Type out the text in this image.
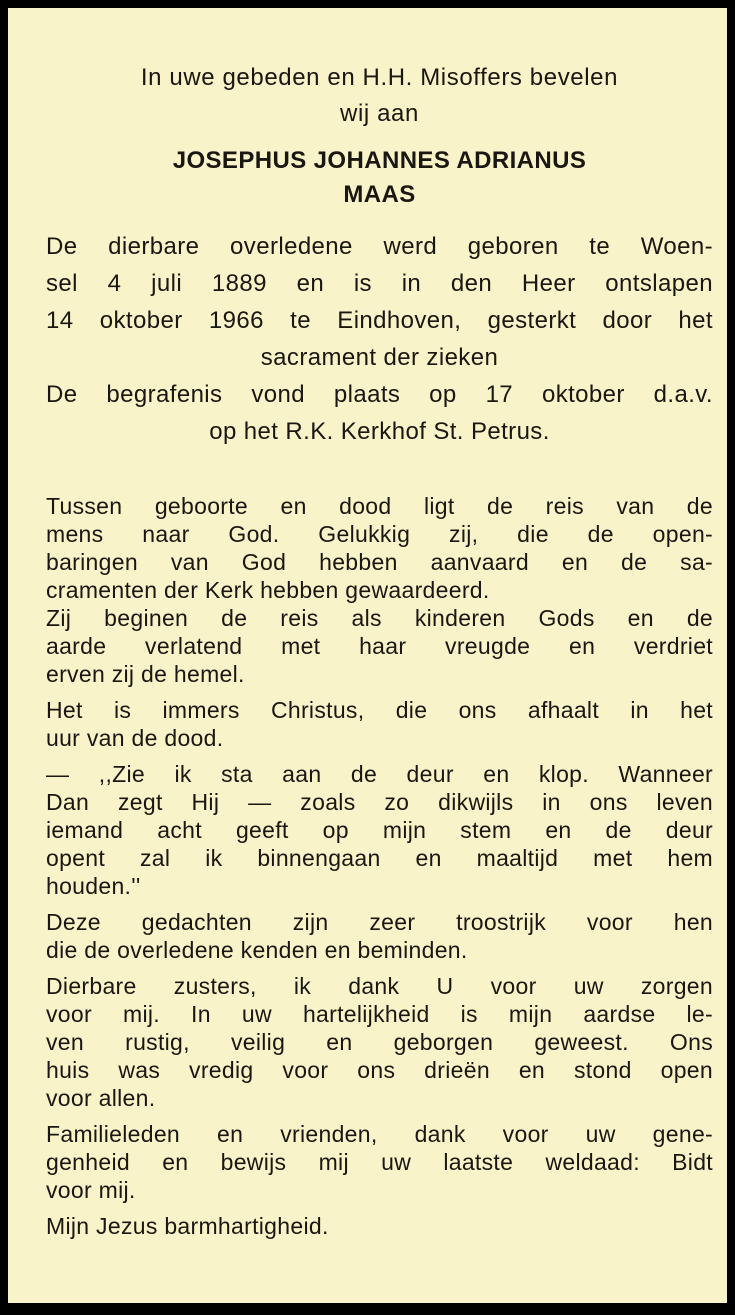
In uwe gebeden en H.H. Misoffers bevelen
wij aan
JOSEPHUS JOHANNES ADRIANUS
MAAS
De dierbare overledene werd geboren te Woen-
sel 4 juli 1889 en is in den Heer ontslapen
14 oktober 1966 te Eindhoven, gesterkt door het
sacrament der zieken
De begrafenis vond plaats op 17 oktober d.a.v.
op het R.K. Kerkhof St. Petrus.
Tussen geboorte en dood ligt de reis van de
mens naar God. Gelukkig zij, die de open-
baringen van God hebben aanvaard en de sa-
cramenten der Kerk hebben gewaardeerd.
Zij beginen de reis als kinderen Gods en de
aarde verlatend met haar vreugde en verdriet
erven zij de hemel.
Het is immers Christus, die ons afhaalt in het
uur van de dood.
— ,,Zie ik sta aan de deur en klop. Wanneer
Dan zegt Hij — zoals zo dikwijls in ons leven
iemand acht geeft op mijn stem en de deur
opent zal ik binnengaan en maaltijd met hem
houden.''
Deze gedachten zijn zeer troostrijk voor hen
die de overledene kenden en beminden.
Dierbare zusters, ik dank U voor uw zorgen
voor mij. In uw hartelijkheid is mijn aardse le-
ven rustig, veilig en geborgen geweest. Ons
huis was vredig voor ons drieën en stond open
voor allen.
Familieleden en vrienden, dank voor uw gene-
genheid en bewijs mij uw laatste weldaad: Bidt
voor mij.
Mijn Jezus barmhartigheid.
